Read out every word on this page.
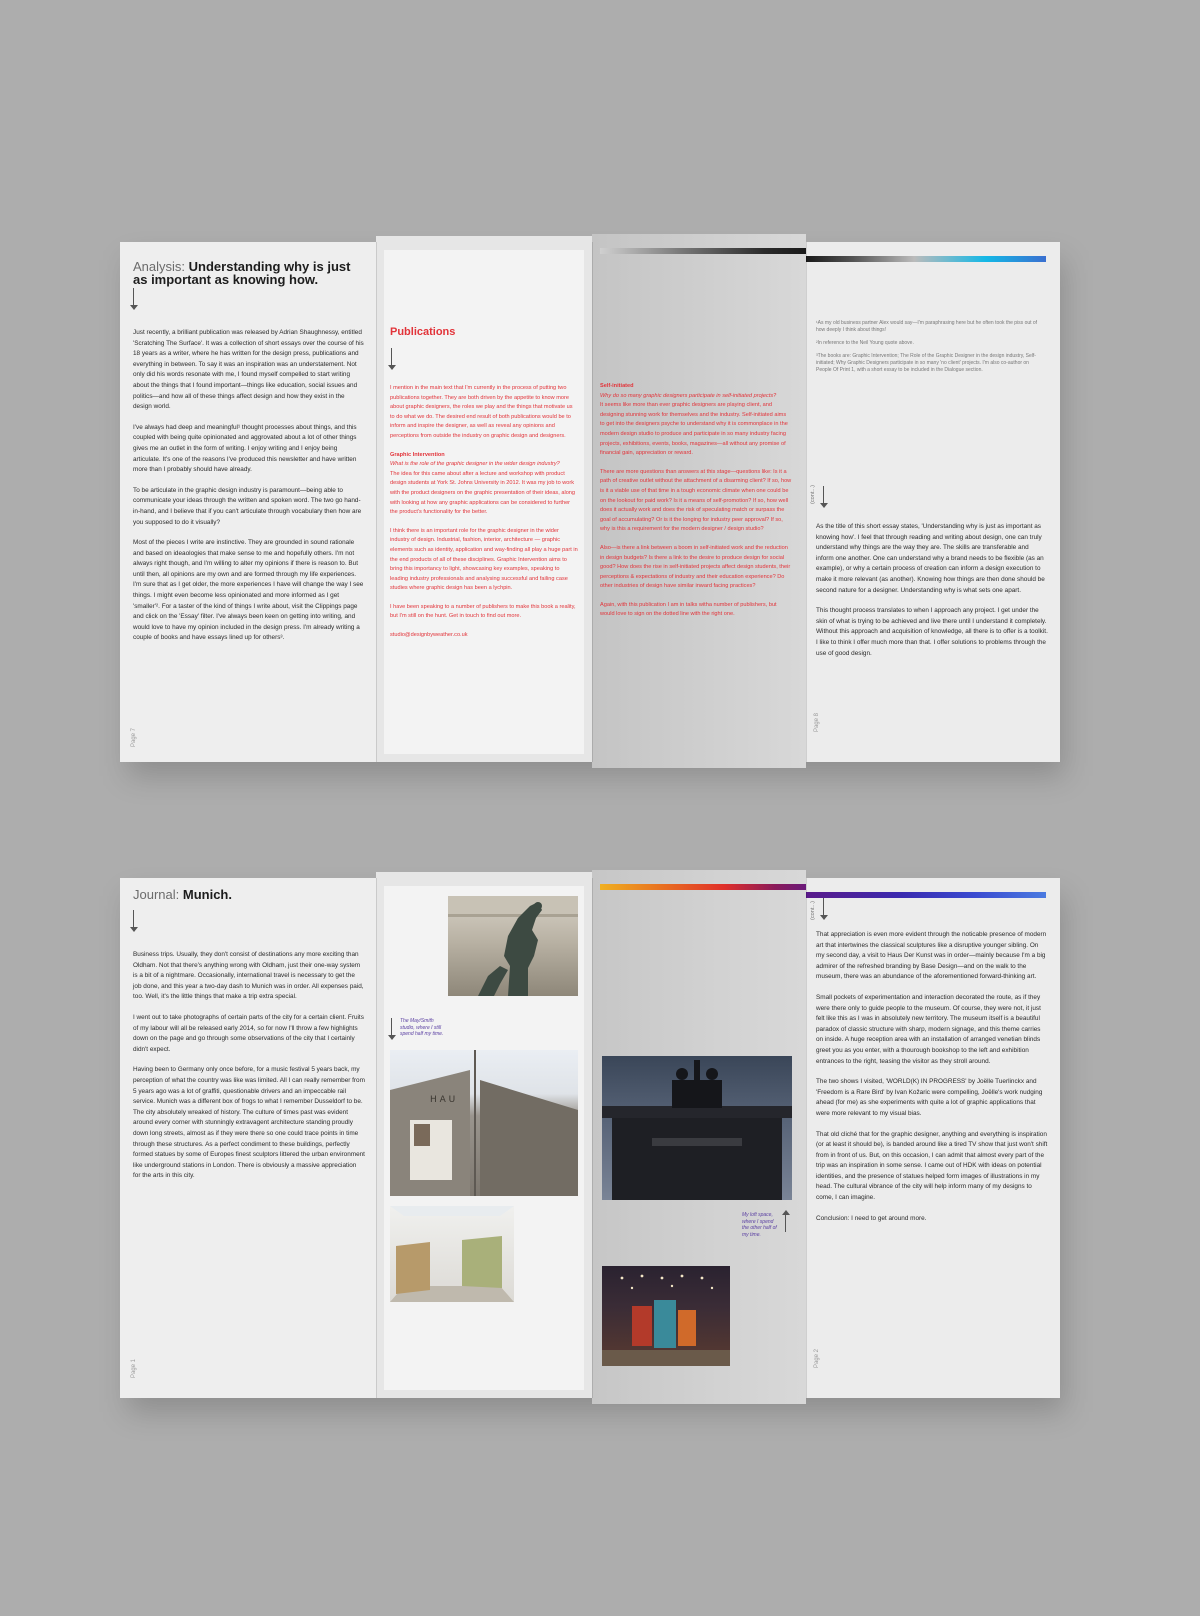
Analysis: Understanding why is just as important as knowing how.

Just recently, a brilliant publication was released by Adrian Shaughnessy, entitled 'Scratching The Surface'. It was a collection of short essays over the course of his 18 years as a writer, where he has written for the design press, publications and everything in between. To say it was an inspiration was an understatement. Not only did his words resonate with me, I found myself compelled to start writing about the things that I found important—things like education, social issues and politics—and how all of these things affect design and how they exist in the design world.

I've always had deep and meaningful¹ thought processes about things, and this coupled with being quite opinionated and aggrovated about a lot of other things gives me an outlet in the form of writing. I enjoy writing and I enjoy being articulate. It's one of the reasons I've produced this newsletter and have written more than I probably should have already.

To be articulate in the graphic design industry is paramount—being able to communicate your ideas through the written and spoken word. The two go hand-in-hand, and I believe that if you can't articulate through vocabulary then how are you supposed to do it visually?

Most of the pieces I write are instinctive. They are grounded in sound rationale and based on ideaologies that make sense to me and hopefully others. I'm not always right though, and I'm willing to alter my opinions if there is reason to. But until then, all opinions are my own and are formed through my life experiences. I'm sure that as I get older, the more experiences I have will change the way I see things. I might even become less opinionated and more informed as I get 'smaller'². For a taster of the kind of things I write about, visit the Clippings page and click on the 'Essay' filter. I've always been keen on getting into writing, and would love to have my opinion included in the design press. I'm already writing a couple of books and have essays lined up for others³.

Page 7
Publications

I mention in the main text that I'm currently in the process of putting two publications together. They are both driven by the appetite to know more about graphic designers, the roles we play and the things that motivate us to do what we do. The desired end result of both publications would be to inform and inspire the designer, as well as reveal any opinions and perceptions from outside the industry on graphic design and designers.

Graphic Intervention
What is the role of the graphic designer in the wider design industry?
The idea for this came about after a lecture and workshop with product design students at York St. Johns University in 2012. It was my job to work with the product designers on the graphic presentation of their ideas, along with looking at how any graphic applications can be considered to further the product's functionality for the better.

I think there is an important role for the graphic designer in the wider industry of design. Industrial, fashion, interior, architecture — graphic elements such as identity, application and way-finding all play a huge part in the end products of all of these disciplines. Graphic Intervention aims to bring this importancy to light, showcasing key examples, speaking to leading industry professionals and analysing successful and failing case studies where graphic design has been a lychpin.

I have been speaking to a number of publishers to make this book a reality, but I'm still on the hunt. Get in touch to find out more.

studio@designbyweather.co.uk

Self-initiated
Why do so many graphic designers participate in self-initiated projects?
It seems like more than ever graphic designers are playing client, and designing stunning work for themselves and the industry. Self-initiated aims to get into the designers psyche to understand why it is commonplace in the modern design studio to produce and participate in so many industry facing projects, exhibitions, events, books, magazines—all without any promise of financial gain, appreciation or reward.

There are more questions than answers at this stage—questions like: Is it a path of creative outlet without the attachment of a disarming client? If so, how is it a viable use of that time in a tough economic climate when one could be on the lookout for paid work? Is it a means of self-promotion? If so, how well does it actually work and does the risk of speculating match or surpass the goal of accumulating? Or is it the longing for industry peer approval? If so, why is this a requirement for the modern designer / design studio?

Also—is there a link between a boom in self-initiated work and the reduction in design budgets? Is there a link to the desire to produce design for social good? How does the rise in self-initiated projects affect design students, their perceptions & expectations of industry and their education experience? Do other industries of design have similar inward facing practices?

Again, with this publication I am in talks witha number of publishers, but would love to sign on the dotted line with the right one.

¹As my old business partner Alex would say—I'm paraphrasing here but he often took the piss out of how deeply I think about things!

²In reference to the Neil Young quote above.

³The books are: Graphic Intervention; The Role of the Graphic Designer in the design industry, Self-initiated; Why Graphic Designers participate in so many 'no client' projects. I'm also co-author on People Of Print 1, with a short essay to be included in the Dialogue section.

(cont...)

As the title of this short essay states, 'Understanding why is just as important as knowing how'. I feel that through reading and writing about design, one can truly understand why things are the way they are. The skills are transferable and inform one another. One can understand why a brand needs to be flexible (as an example), or why a certain process of creation can inform a design execution to make it more relevant (as another). Knowing how things are then done should be second nature for a designer. Understanding why is what sets one apart.

This thought process translates to when I approach any project. I get under the skin of what is trying to be achieved and live there until I understand it completely. Without this approach and acquisition of knowledge, all there is to offer is a toolkit. I like to think I offer much more than that. I offer solutions to problems through the use of good design.

Page 8
Journal: Munich.

Business trips. Usually, they don't consist of destinations any more exciting than Oldham. Not that there's anything wrong with Oldham, just their one-way system is a bit of a nightmare. Occasionally, international travel is necessary to get the job done, and this year a two-day dash to Munich was in order. All expenses paid, too. Well, it's the little things that make a trip extra special.

I went out to take photographs of certain parts of the city for a certain client. Fruits of my labour will all be released early 2014, so for now I'll throw a few highlights down on the page and go through some observations of the city that I certainly didn't expect.

Having been to Germany only once before, for a music festival 5 years back, my perception of what the country was like was limited. All I can really remember from 5 years ago was a lot of graffiti, questionable drivers and an impeccable rail service. Munich was a different box of frogs to what I remember Dusseldorf to be. The city absolutely wreaked of history. The culture of times past was evident around every corner with stunningly extravagent architecture standing proudly down long streets, almost as if they were there so one could trace points in time through these structures. As a perfect condiment to these buildings, perfectly formed statues by some of Europes finest sculptors littered the urban environment like underground stations in London. There is obviously a massive appreciation for the arts in this city.

Page 1
The May/Smith studio, where I still spend half my time.
H A U
My loft space, where I spend the other half of my time.
(cont...)

That appreciation is even more evident through the noticable presence of modern art that intertwines the classical sculptures like a disruptive younger sibling. On my second day, a visit to Haus Der Kunst was in order—mainly because I'm a big admirer of the refreshed branding by Base Design—and on the walk to the museum, there was an abundance of the aforementioned forward-thinking art.

Small pockets of experimentation and interaction decorated the route, as if they were there only to guide people to the museum. Of course, they were not, it just felt like this as I was in absolutely new territory. The museum itself is a beautiful paradox of classic structure with sharp, modern signage, and this theme carries on inside. A huge reception area with an installation of arranged venetian blinds greet you as you enter, with a thourough bookshop to the left and exhibition entrances to the right, teasing the visitor as they stroll around.

The two shows I visited, 'WORLD(K) IN PROGRESS' by Joëlle Tuerlinckx and 'Freedom is a Rare Bird' by Ivan Kožaric were compelling, Joëlle's work nudging ahead (for me) as she experiments with quite a lot of graphic applications that were more relevant to my visual bias.

That old cliché that for the graphic designer, anything and everything is inspiration (or at least it should be), is banded around like a tired TV show that just won't shift from in front of us. But, on this occasion, I can admit that almost every part of the trip was an inspiration in some sense. I came out of HDK with ideas on potential identities, and the presence of statues helped form images of illustrations in my head. The cultural vibrance of the city will help inform many of my designs to come, I can imagine.

Conclusion: I need to get around more.

Page 2
